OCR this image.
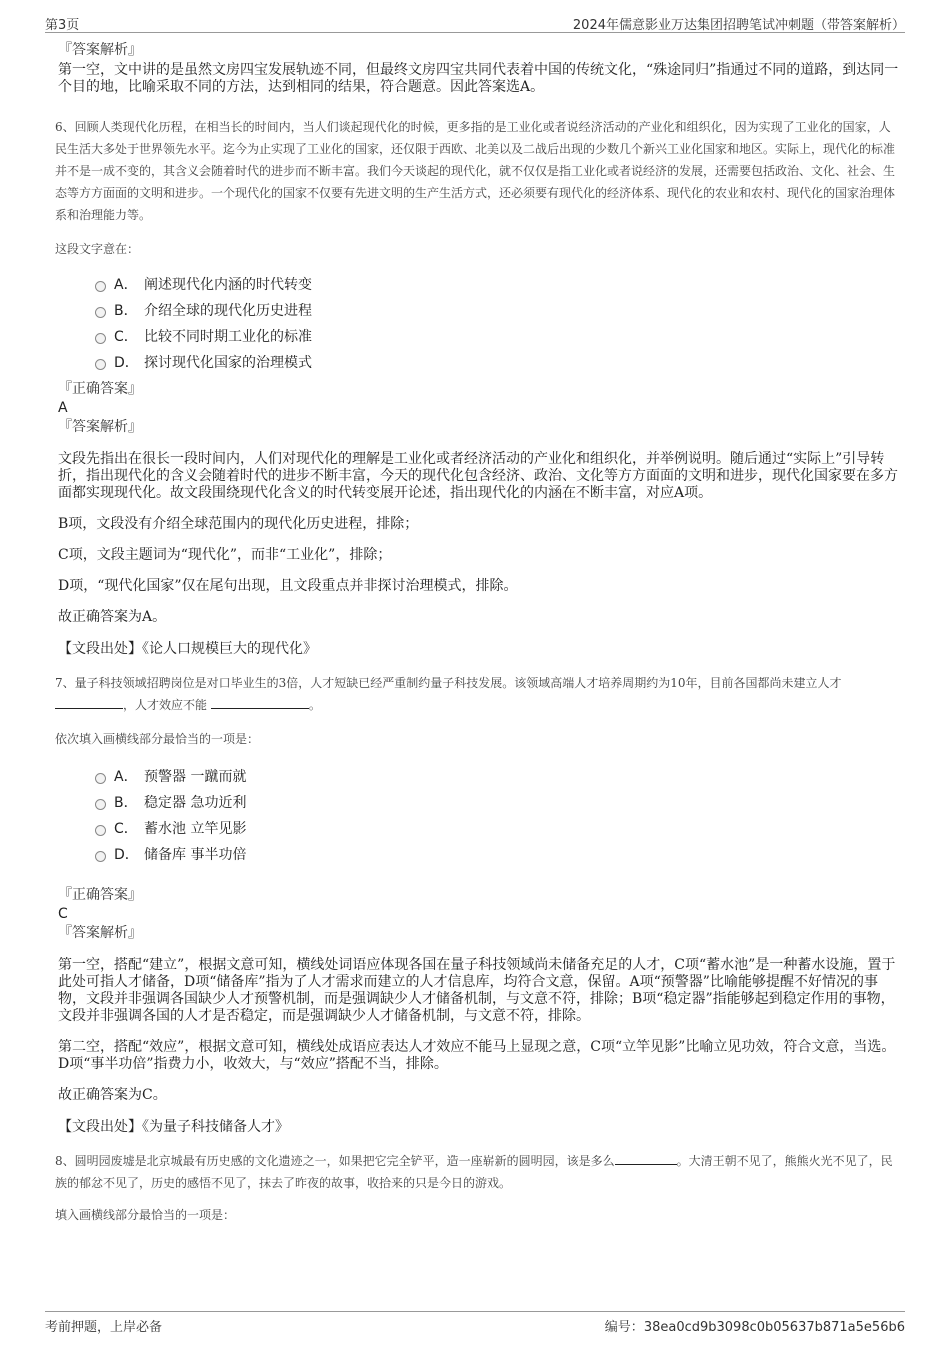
第3页	2024年儒意影业万达集团招聘笔试冲刺题（带答案解析）
『答案解析』

第一空，文中讲的是虽然文房四宝发展轨迹不同，但最终文房四宝共同代表着中国的传统文化，“殊途同归”指通过不同的道路，到达同一个目的地，比喻采取不同的方法，达到相同的结果，符合题意。因此答案选A。

6、回顾人类现代化历程，在相当长的时间内，当人们谈起现代化的时候，更多指的是工业化或者说经济活动的产业化和组织化，因为实现了工业化的国家，人民生活大多处于世界领先水平。迄今为止实现了工业化的国家，还仅限于西欧、北美以及二战后出现的少数几个新兴工业化国家和地区。实际上，现代化的标准并不是一成不变的，其含义会随着时代的进步而不断丰富。我们今天谈起的现代化，就不仅仅是指工业化或者说经济的发展，还需要包括政治、文化、社会、生态等方方面面的文明和进步。一个现代化的国家不仅要有先进文明的生产生活方式，还必须要有现代化的经济体系、现代化的农业和农村、现代化的国家治理体系和治理能力等。

这段文字意在：

A． 阐述现代化内涵的时代转变
B． 介绍全球的现代化历史进程
C． 比较不同时期工业化的标准
D． 探讨现代化国家的治理模式
『正确答案』
A
『答案解析』

文段先指出在很长一段时间内，人们对现代化的理解是工业化或者经济活动的产业化和组织化，并举例说明。随后通过“实际上”引导转折，指出现代化的含义会随着时代的进步不断丰富，今天的现代化包含经济、政治、文化等方方面面的文明和进步，现代化国家要在多方面都实现现代化。故文段围绕现代化含义的时代转变展开论述，指出现代化的内涵在不断丰富，对应A项。

B项，文段没有介绍全球范围内的现代化历史进程，排除；

C项，文段主题词为“现代化”，而非“工业化”，排除；

D项，“现代化国家”仅在尾句出现，且文段重点并非探讨治理模式，排除。

故正确答案为A。

【文段出处】《论人口规模巨大的现代化》

7、量子科技领域招聘岗位是对口毕业生的3倍，人才短缺已经严重制约量子科技发展。该领域高端人才培养周期约为10年，目前各国都尚未建立人才 ，人才效应不能	。

依次填入画横线部分最恰当的一项是：

A． 预警器 一蹴而就
B． 稳定器 急功近利
C． 蓄水池 立竿见影
D． 储备库 事半功倍
『正确答案』
C
『答案解析』

第一空，搭配“建立”，根据文意可知，横线处词语应体现各国在量子科技领域尚未储备充足的人才，C项“蓄水池”是一种蓄水设施，置于此处可指人才储备，D项“储备库”指为了人才需求而建立的人才信息库，均符合文意，保留。A项“预警器”比喻能够提醒不好情况的事物，文段并非强调各国缺少人才预警机制，而是强调缺少人才储备机制，与文意不符，排除；B项“稳定器”指能够起到稳定作用的事物，文段并非强调各国的人才是否稳定，而是强调缺少人才储备机制，与文意不符，排除。

第二空，搭配“效应”，根据文意可知，横线处成语应表达人才效应不能马上显现之意，C项“立竿见影”比喻立见功效，符合文意，当选。D项“事半功倍”指费力小，收效大，与“效应”搭配不当，排除。

故正确答案为C。

【文段出处】《为量子科技储备人才》

8、圆明园废墟是北京城最有历史感的文化遗迹之一，如果把它完全铲平，造一座崭新的圆明园，该是多么	。大清王朝不见了，熊熊火光不见了，民族的郁忿不见了，历史的感悟不见了，抹去了昨夜的故事，收拾来的只是今日的游戏。

填入画横线部分最恰当的一项是：

考前押题，上岸必备	编号：38ea0cd9b3098c0b05637b871a5e56b6
